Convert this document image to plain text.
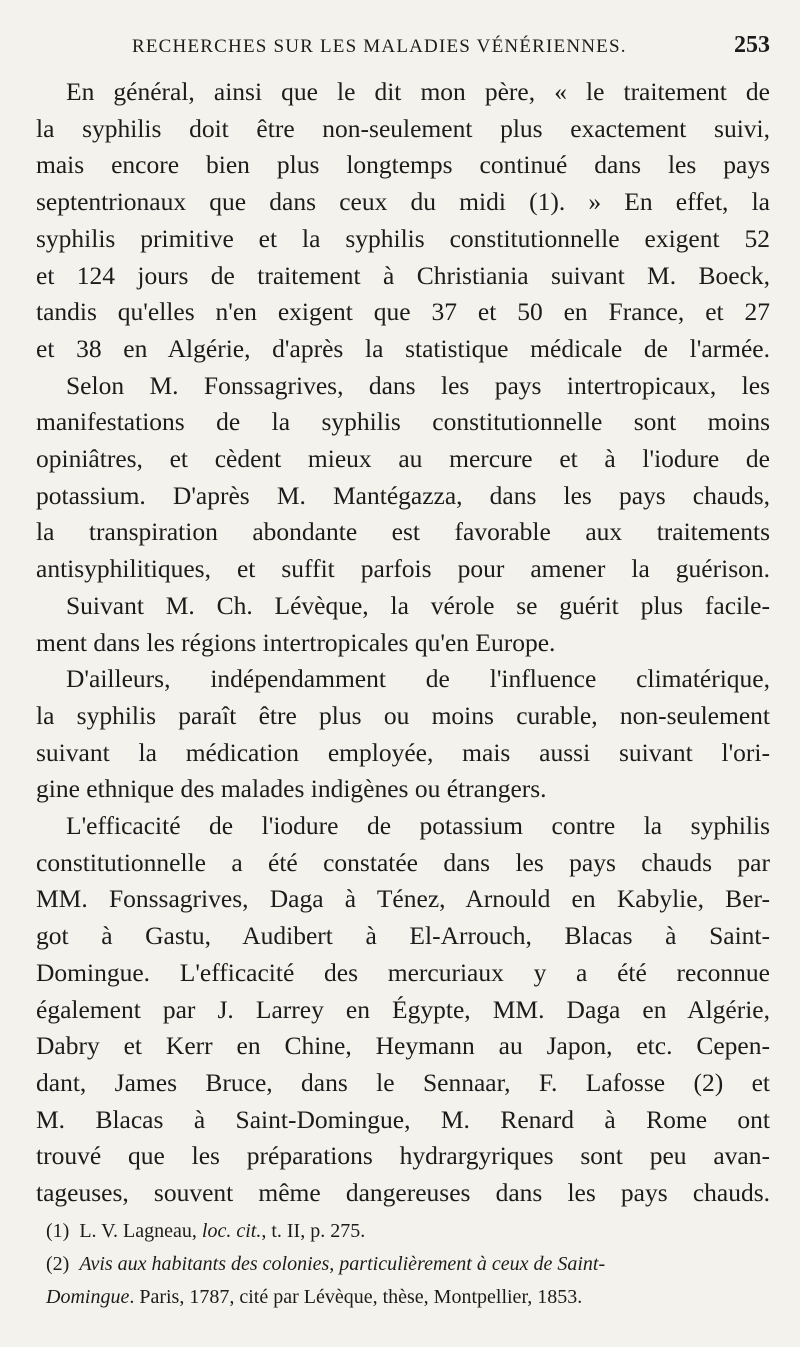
RECHERCHES SUR LES MALADIES VÉNÉRIENNES.	253

En général, ainsi que le dit mon père, « le traitement de
la syphilis doit être non-seulement plus exactement suivi,
mais encore bien plus longtemps continué dans les pays
septentrionaux que dans ceux du midi (1). » En effet, la
syphilis primitive et la syphilis constitutionnelle exigent 52
et 124 jours de traitement à Christiania suivant M. Boeck,
tandis qu'elles n'en exigent que 37 et 50 en France, et 27
et 38 en Algérie, d'après la statistique médicale de l'armée.

Selon M. Fonssagrives, dans les pays intertropicaux, les
manifestations de la syphilis constitutionnelle sont moins
opiniâtres, et cèdent mieux au mercure et à l'iodure de
potassium. D'après M. Mantégazza, dans les pays chauds,
la transpiration abondante est favorable aux traitements
antisyphilitiques, et suffit parfois pour amener la guérison.

Suivant M. Ch. Lévèque, la vérole se guérit plus facile-
ment dans les régions intertropicales qu'en Europe.

D'ailleurs, indépendamment de l'influence climatérique,
la syphilis paraît être plus ou moins curable, non-seulement
suivant la médication employée, mais aussi suivant l'ori-
gine ethnique des malades indigènes ou étrangers.

L'efficacité de l'iodure de potassium contre la syphilis
constitutionnelle a été constatée dans les pays chauds par
MM. Fonssagrives, Daga à Ténez, Arnould en Kabylie, Ber-
got à Gastu, Audibert à El-Arrouch, Blacas à Saint-
Domingue. L'efficacité des mercuriaux y a été reconnue
également par J. Larrey en Égypte, MM. Daga en Algérie,
Dabry et Kerr en Chine, Heymann au Japon, etc. Cepen-
dant, James Bruce, dans le Sennaar, F. Lafosse (2) et
M. Blacas à Saint-Domingue, M. Renard à Rome ont
trouvé que les préparations hydrargyriques sont peu avan-
tageuses, souvent même dangereuses dans les pays chauds.

(1) L. V. Lagneau, loc. cit., t. II, p. 275.

(2) Avis aux habitants des colonies, particulièrement à ceux de Saint-

Domingue. Paris, 1787, cité par Lévèque, thèse, Montpellier, 1853.
